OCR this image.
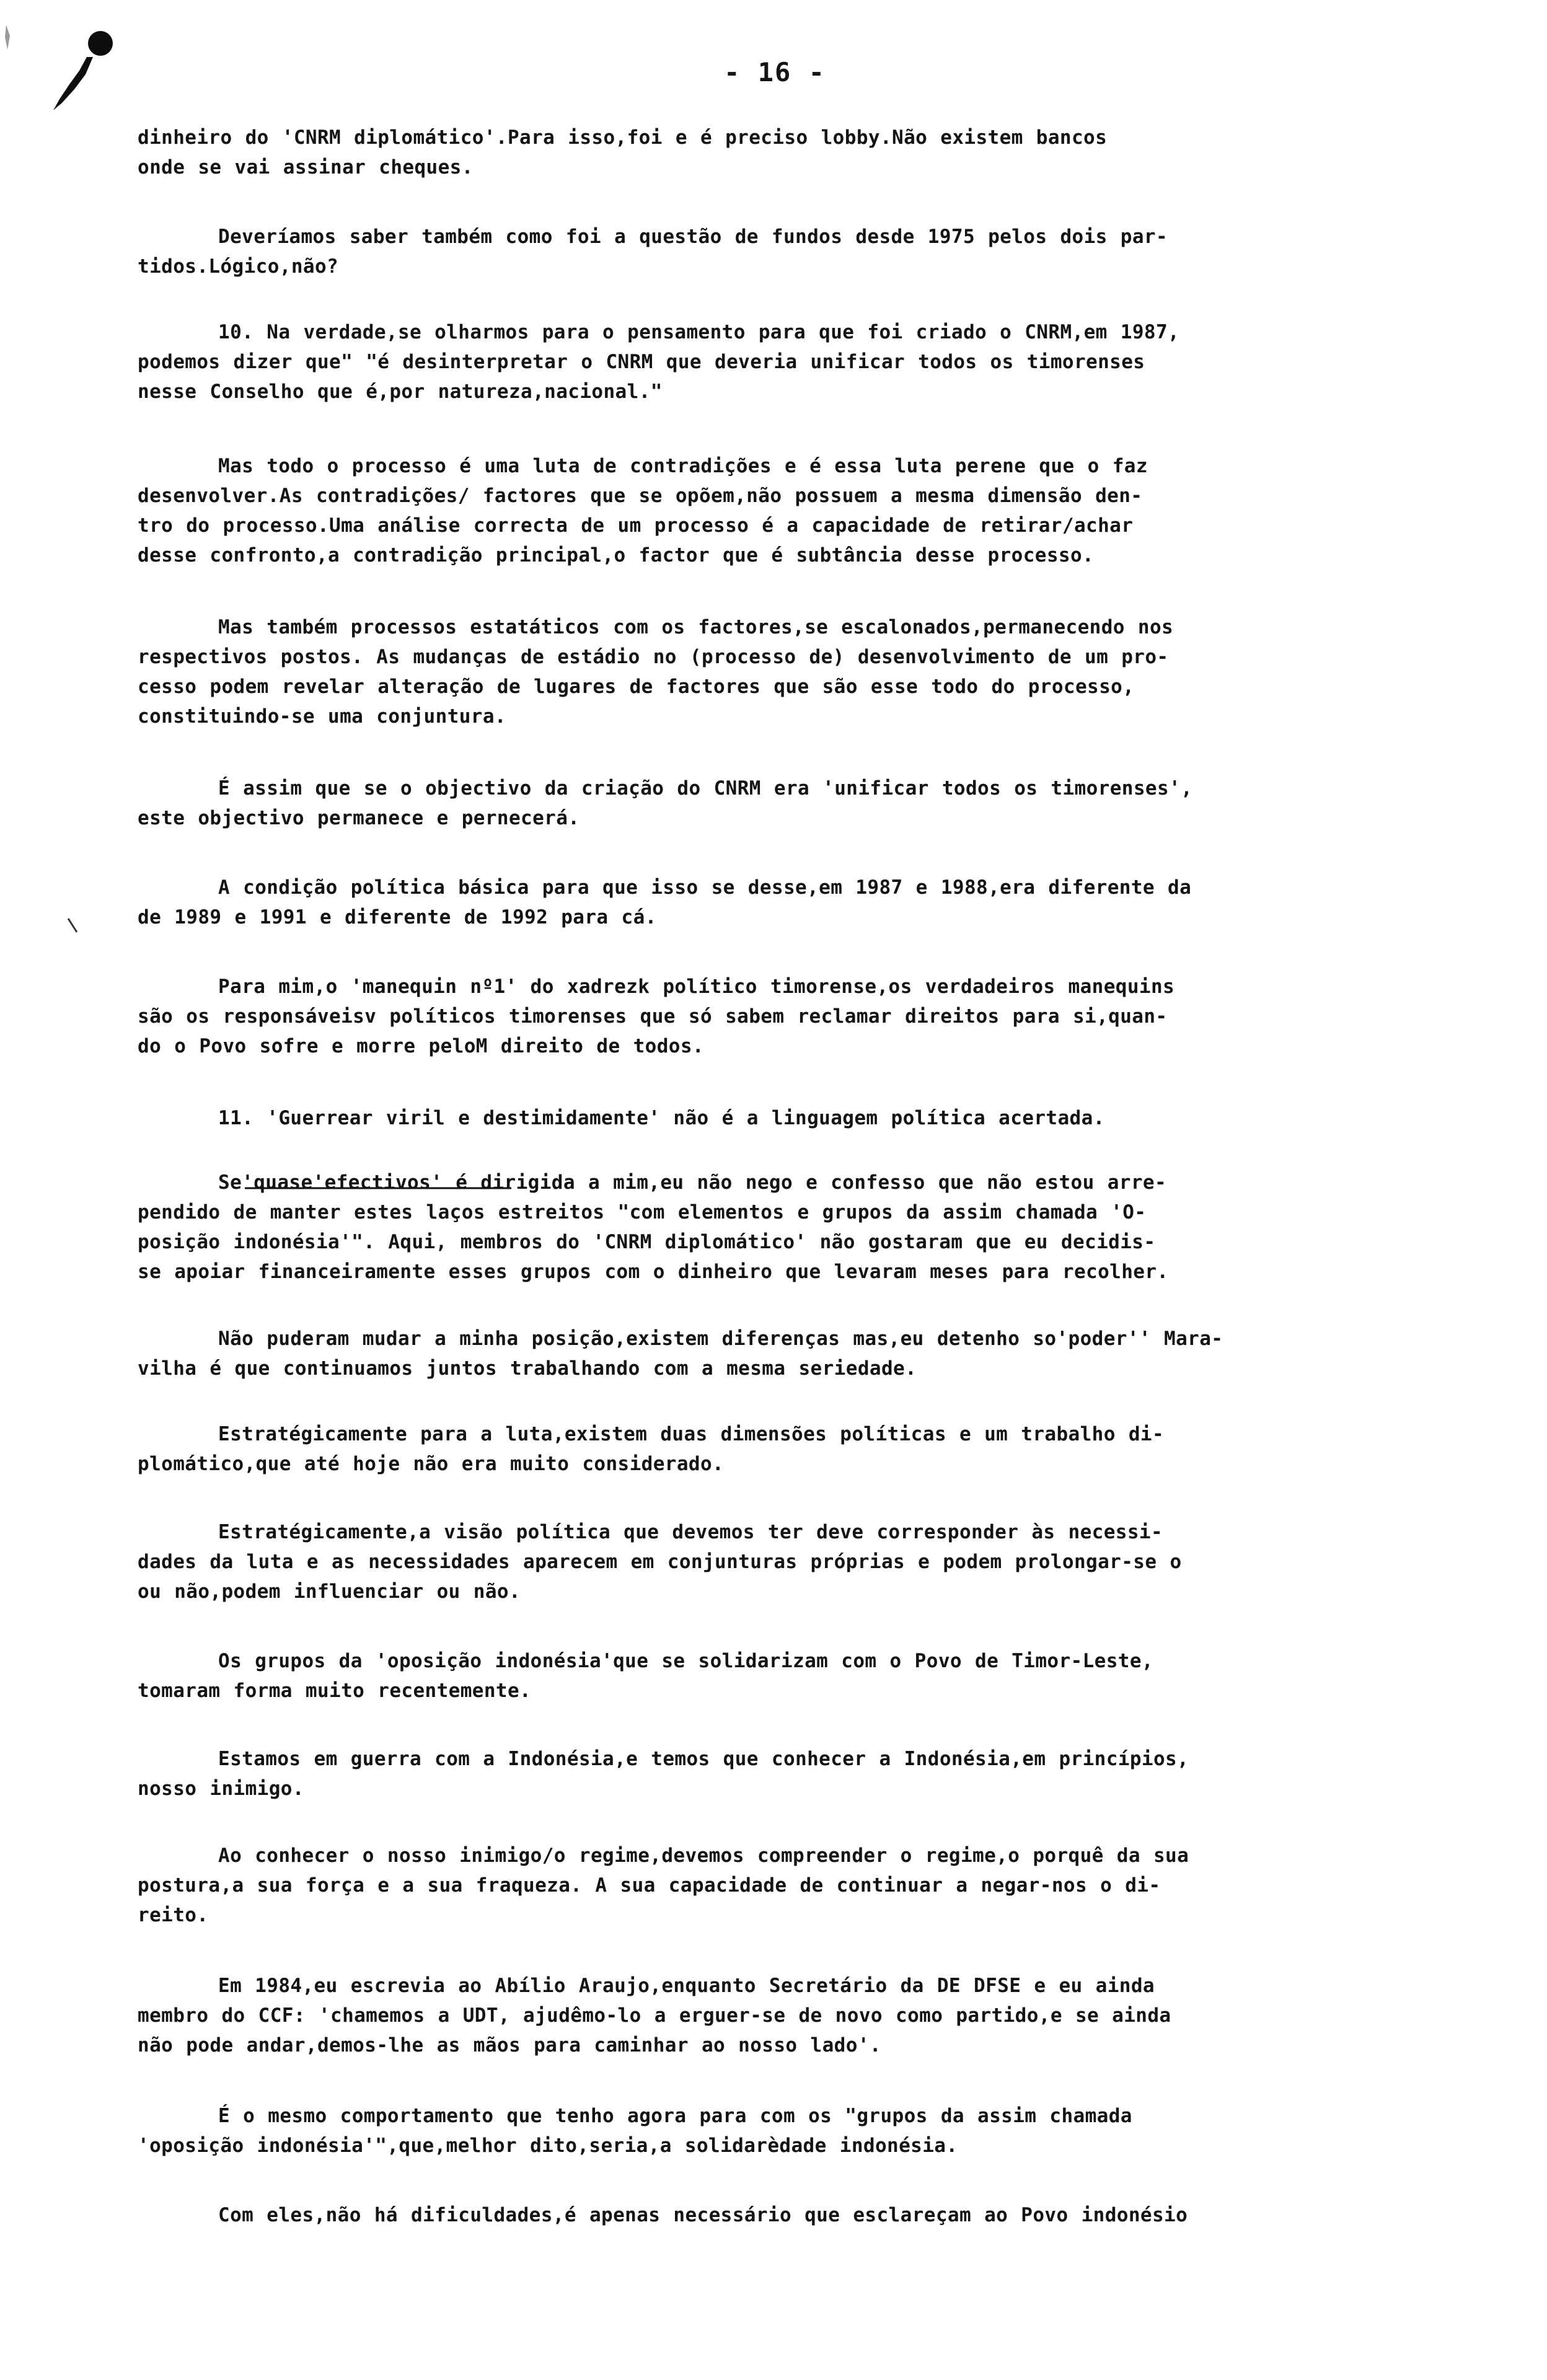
- 16 -
dinheiro do 'CNRM diplomático'.Para isso,foi e é preciso lobby.Não existem bancos
onde se vai assinar cheques.
Deveríamos saber também como foi a questão de fundos desde 1975 pelos dois par-
tidos.Lógico,não?
10. Na verdade,se olharmos para o pensamento para que foi criado o CNRM,em 1987,
podemos dizer que" "é desinterpretar o CNRM que deveria unificar todos os timorenses
nesse Conselho que é,por natureza,nacional."
Mas todo o processo é uma luta de contradições e é essa luta perene que o faz
desenvolver.As contradições/ factores que se opõem,não possuem a mesma dimensão den-
tro do processo.Uma análise correcta de um processo é a capacidade de retirar/achar
desse confronto,a contradição principal,o factor que é subtância desse processo.
Mas também processos estatáticos com os factores,se escalonados,permanecendo nos
respectivos postos. As mudanças de estádio no (processo de) desenvolvimento de um pro-
cesso podem revelar alteração de lugares de factores que são esse todo do processo,
constituindo-se uma conjuntura.
É assim que se o objectivo da criação do CNRM era 'unificar todos os timorenses',
este objectivo permanece e pernecerá.
A condição política básica para que isso se desse,em 1987 e 1988,era diferente da
de 1989 e 1991 e diferente de 1992 para cá.
Para mim,o 'manequin nº1' do xadrezk político timorense,os verdadeiros manequins
são os responsáveisv políticos timorenses que só sabem reclamar direitos para si,quan-
do o Povo sofre e morre peloM direito de todos.
11. 'Guerrear viril e destimidamente' não é a linguagem política acertada.
Se'quase'efectivos' é dirigida a mim,eu não nego e confesso que não estou arre-
pendido de manter estes laços estreitos "com elementos e grupos da assim chamada 'O-
posição indonésia'". Aqui, membros do 'CNRM diplomático' não gostaram que eu decidis-
se apoiar financeiramente esses grupos com o dinheiro que levaram meses para recolher.
Não puderam mudar a minha posição,existem diferenças mas,eu detenho so'poder'' Mara-
vilha é que continuamos juntos trabalhando com a mesma seriedade.
Estratégicamente para a luta,existem duas dimensões políticas e um trabalho di-
plomático,que até hoje não era muito considerado.
Estratégicamente,a visão política que devemos ter deve corresponder às necessi-
dades da luta e as necessidades aparecem em conjunturas próprias e podem prolongar-se o
ou não,podem influenciar ou não.
Os grupos da 'oposição indonésia'que se solidarizam com o Povo de Timor-Leste,
tomaram forma muito recentemente.
Estamos em guerra com a Indonésia,e temos que conhecer a Indonésia,em princípios,
nosso inimigo.
Ao conhecer o nosso inimigo/o regime,devemos compreender o regime,o porquê da sua
postura,a sua força e a sua fraqueza. A sua capacidade de continuar a negar-nos o di-
reito.
Em 1984,eu escrevia ao Abílio Araujo,enquanto Secretário da DE DFSE e eu ainda
membro do CCF: 'chamemos a UDT, ajudêmo-lo a erguer-se de novo como partido,e se ainda
não pode andar,demos-lhe as mãos para caminhar ao nosso lado'.
É o mesmo comportamento que tenho agora para com os "grupos da assim chamada
'oposição indonésia'",que,melhor dito,seria,a solidarèdade indonésia.
Com eles,não há dificuldades,é apenas necessário que esclareçam ao Povo indonésio
